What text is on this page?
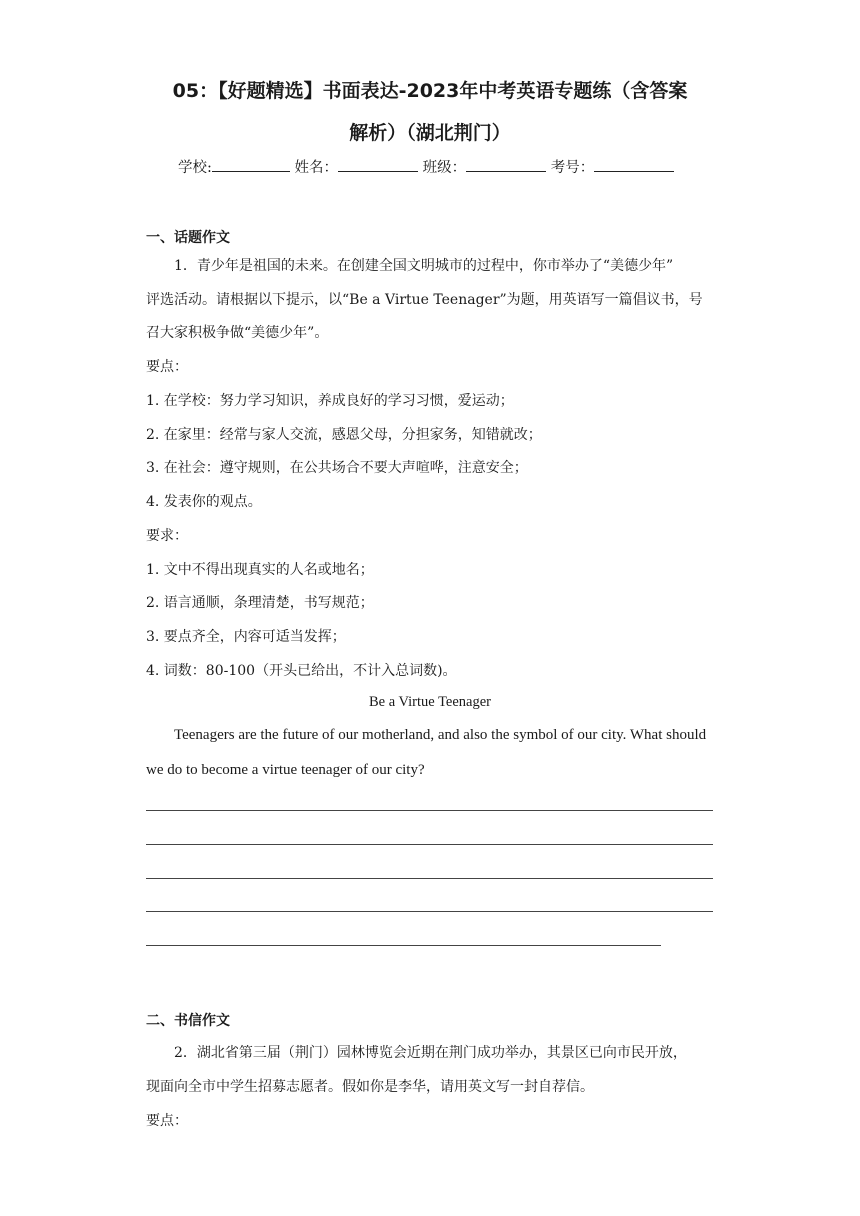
05：【好题精选】书面表达-2023年中考英语专题练（含答案
解析）（湖北荆门）
学校:	姓名：	班级：	考号：
一、话题作文
1．青少年是祖国的未来。在创建全国文明城市的过程中，你市举办了“美德少年”
评选活动。请根据以下提示，以“Be a Virtue Teenager”为题，用英语写一篇倡议书，号
召大家积极争做“美德少年”。
要点：
1. 在学校：努力学习知识，养成良好的学习习惯，爱运动；
2. 在家里：经常与家人交流，感恩父母，分担家务，知错就改；
3. 在社会：遵守规则，在公共场合不要大声喧哗，注意安全；
4. 发表你的观点。
要求：
1. 文中不得出现真实的人名或地名；
2. 语言通顺，条理清楚，书写规范；
3. 要点齐全，内容可适当发挥；
4. 词数：80-100（开头已给出，不计入总词数)。
Be a Virtue Teenager
Teenagers are the future of our motherland, and also the symbol of our city. What should
we do to become a virtue teenager of our city?
二、书信作文
2．湖北省第三届（荆门）园林博览会近期在荆门成功举办，其景区已向市民开放，
现面向全市中学生招募志愿者。假如你是李华，请用英文写一封自荐信。
要点：
